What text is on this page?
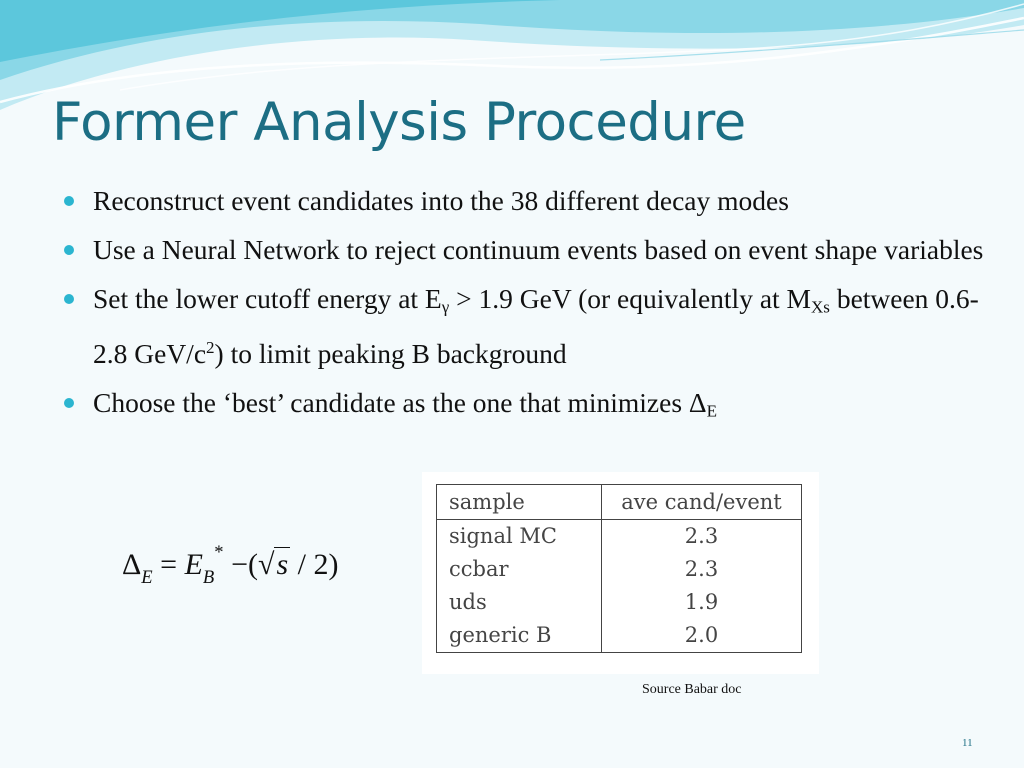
Former Analysis Procedure
Reconstruct event candidates into the 38 different decay modes
Use a Neural Network to reject continuum events based on event shape variables
Set the lower cutoff energy at $E_\gamma > 1.9$ GeV (or equivalently at $M_{Xs}$ between 0.6-2.8 GeV/$c^2$) to limit peaking B background
Choose the ‘best’ candidate as the one that minimizes $\Delta_E$
$\Delta_E = E_B^* -(√s / 2)$
sample	ave cand/event
signal MC	2.3
ccbar	2.3
uds	1.9
generic B	2.0
Source Babar doc
11
